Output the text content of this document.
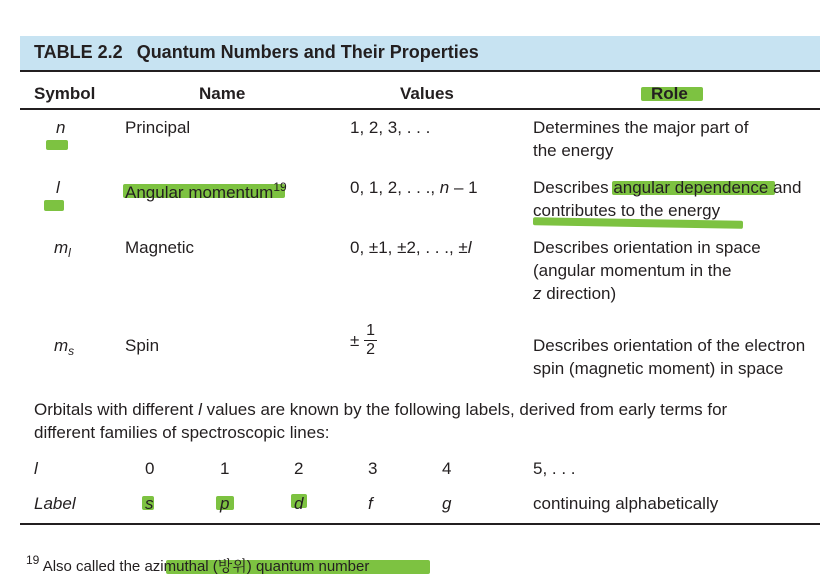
TABLE 2.2 Quantum Numbers and Their Properties
Symbol	Name	Values	Role
n	Principal	1, 2, 3, . . .	Determines the major part of
the energy
l	Angular momentum$^{19}$	0, 1, 2, . . ., n – 1	Describes angular dependence and
contributes to the energy
$m_l$	Magnetic	0, ±1, ±2, . . ., ±l	Describes orientation in space
(angular momentum in the
z direction)
$m_s$	Spin	± $\frac{1}{2}$	Describes orientation of the electron
spin (magnetic moment) in space
Orbitals with different l values are known by the following labels, derived from early terms for
different families of spectroscopic lines:
l	0	1	2	3	4	5, . . .
Label	s	p	d	f	g	continuing alphabetically
$^{19}$ Also called the azimuthal (방위) quantum number
